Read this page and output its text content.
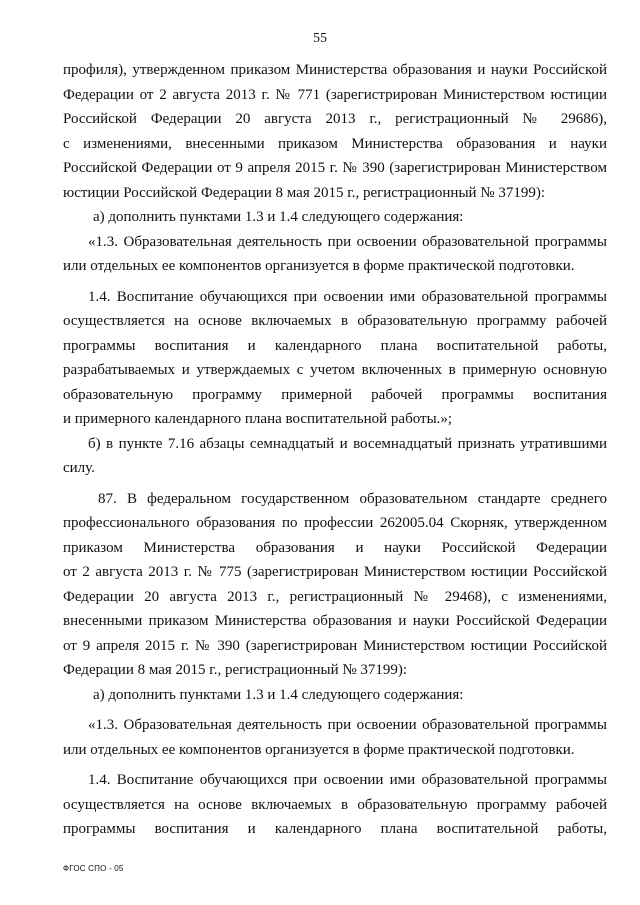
55
профиля), утвержденном приказом Министерства образования и науки Российской
Федерации от 2 августа 2013 г. № 771 (зарегистрирован Министерством юстиции
Российской Федерации 20 августа 2013 г., регистрационный № 29686),
с изменениями, внесенными приказом Министерства образования и науки
Российской Федерации от 9 апреля 2015 г. № 390 (зарегистрирован Министерством
юстиции Российской Федерации 8 мая 2015 г., регистрационный № 37199):
а) дополнить пунктами 1.3 и 1.4 следующего содержания:
«1.3. Образовательная деятельность при освоении образовательной программы
или отдельных ее компонентов организуется в форме практической подготовки.
1.4. Воспитание обучающихся при освоении ими образовательной программы
осуществляется на основе включаемых в образовательную программу рабочей
программы воспитания и календарного плана воспитательной работы,
разрабатываемых и утверждаемых с учетом включенных в примерную основную
образовательную программу примерной рабочей программы воспитания
и примерного календарного плана воспитательной работы.»;
б) в пункте 7.16 абзацы семнадцатый и восемнадцатый признать утратившими
силу.
87. В федеральном государственном образовательном стандарте среднего
профессионального образования по профессии 262005.04 Скорняк, утвержденном
приказом Министерства образования и науки Российской Федерации
от 2 августа 2013 г. № 775 (зарегистрирован Министерством юстиции Российской
Федерации 20 августа 2013 г., регистрационный № 29468), с изменениями,
внесенными приказом Министерства образования и науки Российской Федерации
от 9 апреля 2015 г. № 390 (зарегистрирован Министерством юстиции Российской
Федерации 8 мая 2015 г., регистрационный № 37199):
а) дополнить пунктами 1.3 и 1.4 следующего содержания:
«1.3. Образовательная деятельность при освоении образовательной программы
или отдельных ее компонентов организуется в форме практической подготовки.
1.4. Воспитание обучающихся при освоении ими образовательной программы
осуществляется на основе включаемых в образовательную программу рабочей
программы воспитания и календарного плана воспитательной работы,
ФГОС СПО - 05
